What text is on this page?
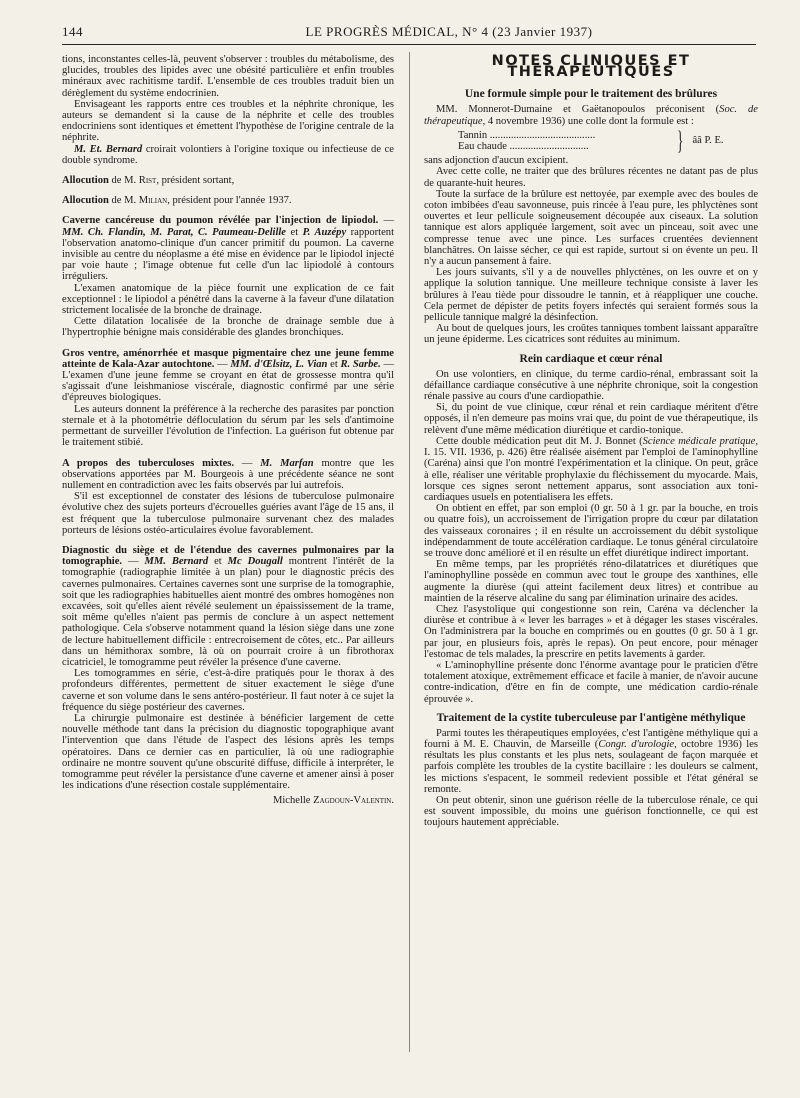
144	LE PROGRÈS MÉDICAL, N° 4 (23 Janvier 1937)

tions, inconstantes celles-là, peuvent s'observer : troubles du métabolisme, des glucides, troubles des lipides avec une obésité particulière et enfin troubles minéraux avec rachitisme tardif. L'ensemble de ces troubles traduit bien un dérèglement du système endocrinien.

Envisageant les rapports entre ces troubles et la néphrite chronique, les auteurs se demandent si la cause de la néphrite et celle des troubles endocriniens sont identiques et émettent l'hypothèse de l'origine centrale de la néphrite.

M. Et. Bernard croirait volontiers à l'origine toxique ou infectieuse de ce double syndrome.

Allocution de M. Rist, président sortant,

Allocution de M. Milian, président pour l'année 1937.

Caverne cancéreuse du poumon révélée par l'injection de lipiodol. — MM. Ch. Flandin, M. Parat, C. Paumeau-Delille et P. Auzépy rapportent l'observation anatomo-clinique d'un cancer primitif du poumon. La caverne invisible au centre du néoplasme a été mise en évidence par le lipiodol injecté par voie haute ; l'image obtenue fut celle d'un lac lipiodolé à contours irréguliers.

L'examen anatomique de la pièce fournit une explication de ce fait exceptionnel : le lipiodol a pénétré dans la caverne à la faveur d'une dilatation strictement localisée de la bronche de drainage.

Cette dilatation localisée de la bronche de drainage semble due à l'hypertrophie bénigne mais considérable des glandes bronchiques.

Gros ventre, aménorrhée et masque pigmentaire chez une jeune femme atteinte de Kala-Azar autochtone. — MM. d'Œlsitz, L. Vian et R. Sarbe. — L'examen d'une jeune femme se croyant en état de grossesse montra qu'il s'agissait d'une leishmaniose viscérale, diagnostic confirmé par une série d'épreuves biologiques.

Les auteurs donnent la préférence à la recherche des parasites par ponction sternale et à la photométrie défloculation du sérum par les sels d'antimoine permettant de surveiller l'évolution de l'infection. La guérison fut obtenue par le traitement stibié.

A propos des tuberculoses mixtes. — M. Marfan montre que les observations apportées par M. Bourgeois à une précédente séance ne sont nullement en contradiction avec les faits observés par lui autrefois.

S'il est exceptionnel de constater des lésions de tuberculose pulmonaire évolutive chez des sujets porteurs d'écrouelles guéries avant l'âge de 15 ans, il est fréquent que la tuberculose pulmonaire survenant chez des malades porteurs de lésions ostéo-articulaires évolue favorablement.

Diagnostic du siège et de l'étendue des cavernes pulmonaires par la tomographie. — MM. Bernard et Mc Dougall montrent l'intérêt de la tomographie (radiographie limitée à un plan) pour le diagnostic précis des cavernes pulmonaires. Certaines cavernes sont une surprise de la tomographie, soit que les radiographies habituelles aient montré des ombres homogènes non excavées, soit qu'elles aient révélé seulement un épaississement de la trame, soit même qu'elles n'aient pas permis de conclure à un aspect nettement pathologique. Cela s'observe notamment quand la lésion siège dans une zone de lecture habituellement difficile : entrecroisement de côtes, etc.. Par ailleurs dans un hémithorax sombre, là où on pourrait croire à un fibrothorax cicatriciel, le tomogramme peut révéler la présence d'une caverne.

Les tomogrammes en série, c'est-à-dire pratiqués pour le thorax à des profondeurs différentes, permettent de situer exactement le siège d'une caverne et son volume dans le sens antéro-postérieur. Il faut noter à ce sujet la fréquence du siège postérieur des cavernes.

La chirurgie pulmonaire est destinée à bénéficier largement de cette nouvelle méthode tant dans la précision du diagnostic topographique avant l'intervention que dans l'étude de l'aspect des lésions après les temps opératoires. Dans ce dernier cas en particulier, là où une radiographie ordinaire ne montre souvent qu'une obscurité diffuse, difficile à interpréter, le tomogramme peut révéler la persistance d'une caverne et amener ainsi à poser les indications d'une résection costale supplémentaire.

Michelle Zagdoun-Valentin.

NOTES CLINIQUES ET THÉRAPEUTIQUES

Une formule simple pour le traitement des brûlures

MM. Monnerot-Dumaine et Gaëtanopoulos préconisent (Soc. de thérapeutique, 4 novembre 1936) une colle dont la formule est :

Tannin ........................................
Eau chaude ..............................	} ââ P. E.

sans adjonction d'aucun excipient.

Avec cette colle, ne traiter que des brûlures récentes ne datant pas de plus de quarante-huit heures.

Toute la surface de la brûlure est nettoyée, par exemple avec des boules de coton imbibées d'eau savonneuse, puis rincée à l'eau pure, les phlyctènes sont ouvertes et leur pellicule soigneusement découpée aux ciseaux. La solution tannique est alors appliquée largement, soit avec un pinceau, soit avec une compresse tenue avec une pince. Les surfaces cruentées deviennent blanchâtres. On laisse sécher, ce qui est rapide, surtout si on évente un peu. Il n'y a aucun pansement à faire.

Les jours suivants, s'il y a de nouvelles phlyctènes, on les ouvre et on y applique la solution tannique. Une meilleure technique consiste à laver les brûlures à l'eau tiède pour dissoudre le tannin, et à réappliquer une couche. Cela permet de dépister de petits foyers infectés qui seraient formés sous la pellicule tannique malgré la désinfection.

Au bout de quelques jours, les croûtes tanniques tombent laissant apparaître un jeune épiderme. Les cicatrices sont réduites au minimum.

Rein cardiaque et cœur rénal

On use volontiers, en clinique, du terme cardio-rénal, embrassant soit la défaillance cardiaque consécutive à une néphrite chronique, soit la congestion rénale passive au cours d'une cardiopathie.

Si, du point de vue clinique, cœur rénal et rein cardiaque méritent d'être opposés, il n'en demeure pas moins vrai que, du point de vue thérapeutique, ils relèvent d'une même médication diurétique et cardio-tonique.

Cette double médication peut dit M. J. Bonnet (Science médicale pratique, I. 15. VII. 1936, p. 426) être réalisée aisément par l'emploi de l'aminophylline (Caréna) ainsi que l'on montré l'expérimentation et la clinique. On peut, grâce à elle, réaliser une véritable prophylaxie du fléchissement du myocarde. Mais, lorsque ces signes seront nettement apparus, sont association aux toni-cardiaques usuels en potentialisera les effets.

On obtient en effet, par son emploi (0 gr. 50 à 1 gr. par la bouche, en trois ou quatre fois), un accroissement de l'irrigation propre du cœur par dilatation des vaisseaux coronaires ; il en résulte un accroissement du débit systolique indépendamment de toute accélération cardiaque. Le tonus général circulatoire se trouve donc amélioré et il en résulte un effet diurétique indirect important.

En même temps, par les propriétés réno-dilatatrices et diurétiques que l'aminophylline possède en commun avec tout le groupe des xanthines, elle augmente la diurèse (qui atteint facilement deux litres) et contribue au maintien de la réserve alcaline du sang par élimination urinaire des acides.

Chez l'asystolique qui congestionne son rein, Caréna va déclencher la diurèse et contribue à « lever les barrages » et à dégager les stases viscérales. On l'administrera par la bouche en comprimés ou en gouttes (0 gr. 50 à 1 gr. par jour, en plusieurs fois, après le repas). On peut encore, pour ménager l'estomac de tels malades, la prescrire en petits lavements à garder.

« L'aminophylline présente donc l'énorme avantage pour le praticien d'être totalement atoxique, extrêmement efficace et facile à manier, de n'avoir aucune contre-indication, d'être en fin de compte, une médication cardio-rénale éprouvée ».

Traitement de la cystite tuberculeuse par l'antigène méthylique

Parmi toutes les thérapeutiques employées, c'est l'antigène méthylique qui a fourni à M. E. Chauvin, de Marseille (Congr. d'urologie, octobre 1936) les résultats les plus constants et les plus nets, soulageant de façon marquée et parfois complète les troubles de la cystite bacillaire : les douleurs se calment, les mictions s'espacent, le sommeil redevient possible et l'état général se remonte.

On peut obtenir, sinon une guérison réelle de la tuberculose rénale, ce qui est souvent impossible, du moins une guérison fonctionnelle, ce qui est toujours hautement appréciable.
